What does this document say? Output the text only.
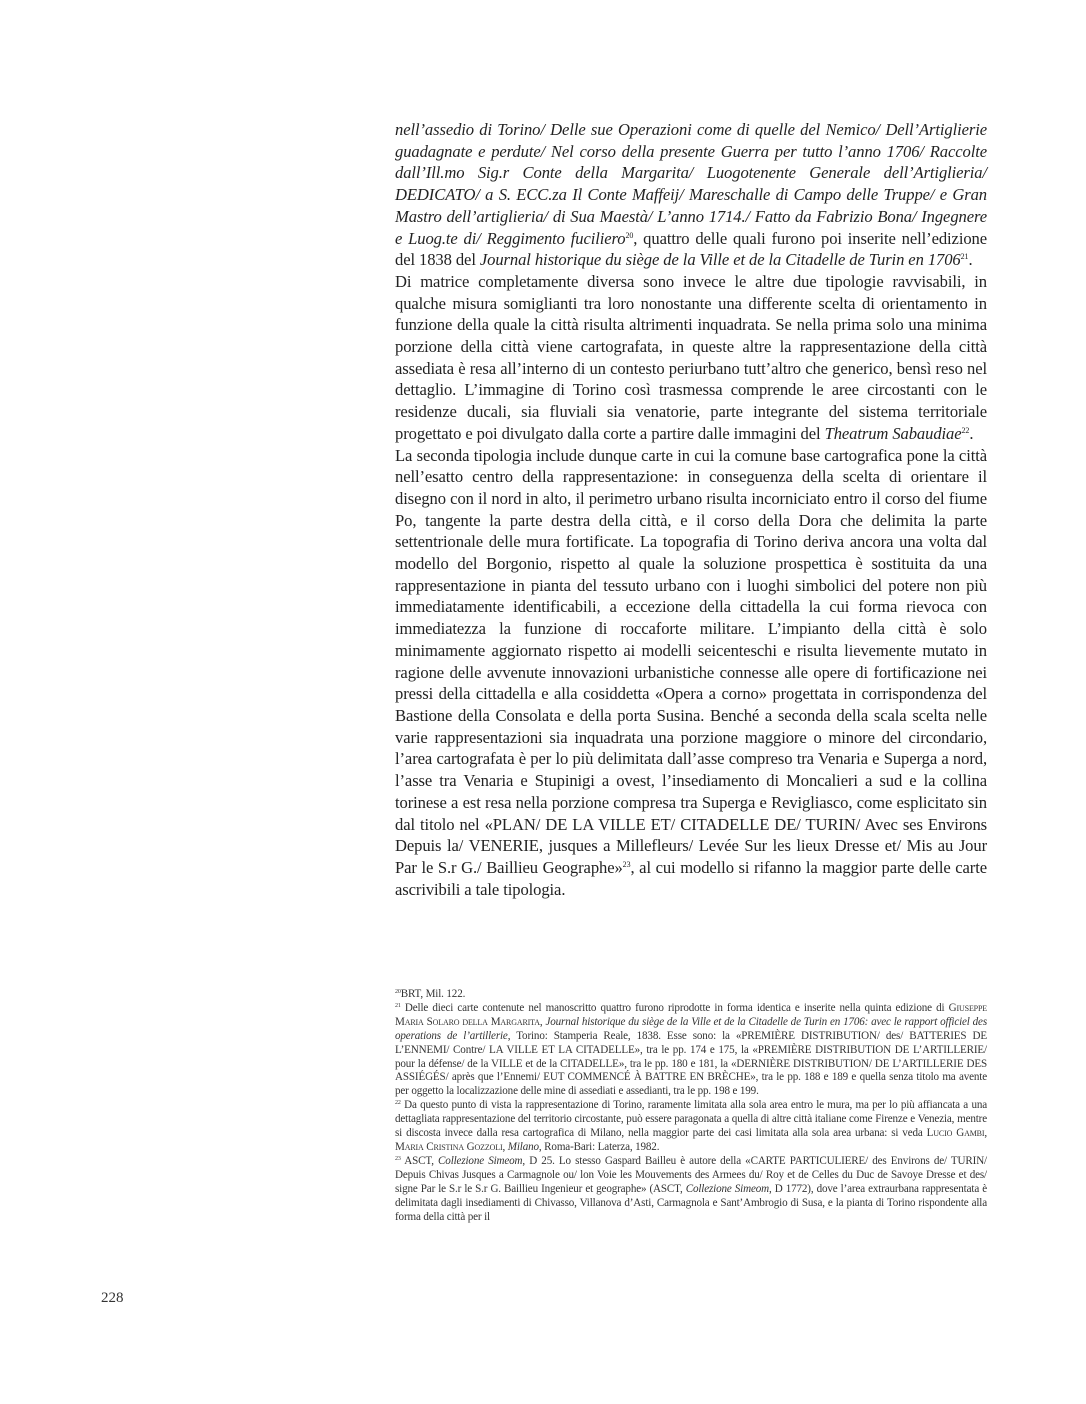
nell’assedio di Torino/ Delle sue Operazioni come di quelle del Nemico/ Dell’Artiglierie guadagnate e perdute/ Nel corso della presente Guerra per tutto l’anno 1706/ Raccolte dall’Ill.mo Sig.r Conte della Margarita/ Luogotenente Generale dell’Artiglieria/ DEDICATO/ a S. ECC.za Il Conte Maffeij/ Mareschalle di Campo delle Truppe/ e Gran Mastro dell’artiglieria/ di Sua Maestà/ L’anno 1714./ Fatto da Fabrizio Bona/ Ingegnere e Luog.te di/ Reggimento fuciliero$^{20}$, quattro delle quali furono poi inserite nell’edizione del 1838 del Journal historique du siège de la Ville et de la Citadelle de Turin en 1706$^{21}$.

Di matrice completamente diversa sono invece le altre due tipologie ravvisabili, in qualche misura somiglianti tra loro nonostante una differente scelta di orientamento in funzione della quale la città risulta altrimenti inquadrata. Se nella prima solo una minima porzione della città viene cartografata, in queste altre la rappresentazione della città assediata è resa all’interno di un contesto periurbano tutt’altro che generico, bensì reso nel dettaglio. L’immagine di Torino così trasmessa comprende le aree circostanti con le residenze ducali, sia fluviali sia venatorie, parte integrante del sistema territoriale progettato e poi divulgato dalla corte a partire dalle immagini del Theatrum Sabaudiae$^{22}$.

La seconda tipologia include dunque carte in cui la comune base cartografica pone la città nell’esatto centro della rappresentazione: in conseguenza della scelta di orientare il disegno con il nord in alto, il perimetro urbano risulta incorniciato entro il corso del fiume Po, tangente la parte destra della città, e il corso della Dora che delimita la parte settentrionale delle mura fortificate. La topografia di Torino deriva ancora una volta dal modello del Borgonio, rispetto al quale la soluzione prospettica è sostituita da una rappresentazione in pianta del tessuto urbano con i luoghi simbolici del potere non più immediatamente identificabili, a eccezione della cittadella la cui forma rievoca con immediatezza la funzione di roccaforte militare. L’impianto della città è solo minimamente aggiornato rispetto ai modelli seicenteschi e risulta lievemente mutato in ragione delle avvenute innovazioni urbanistiche connesse alle opere di fortificazione nei pressi della cittadella e alla cosiddetta «Opera a corno» progettata in corrispondenza del Bastione della Consolata e della porta Susina. Benché a seconda della scala scelta nelle varie rappresentazioni sia inquadrata una porzione maggiore o minore del circondario, l’area cartografata è per lo più delimitata dall’asse compreso tra Venaria e Superga a nord, l’asse tra Venaria e Stupinigi a ovest, l’insediamento di Moncalieri a sud e la collina torinese a est resa nella porzione compresa tra Superga e Revigliasco, come esplicitato sin dal titolo nel «PLAN/ DE LA VILLE ET/ CITADELLE DE/ TURIN/ Avec ses Environs Depuis la/ VENERIE, jusques a Millefleurs/ Levée Sur les lieux Dresse et/ Mis au Jour Par le S.r G./ Baillieu Geographe»$^{23}$, al cui modello si rifanno la maggior parte delle carte ascrivibili a tale tipologia.

$^{20}$BRT, Mil. 122.

$^{21}$ Delle dieci carte contenute nel manoscritto quattro furono riprodotte in forma identica e inserite nella quinta edizione di Giuseppe Maria Solaro della Margarita, Journal historique du siège de la Ville et de la Citadelle de Turin en 1706: avec le rapport officiel des operations de l’artillerie, Torino: Stamperia Reale, 1838. Esse sono: la «PREMIÈRE DISTRIBUTION/ des/ BATTERIES DE L’ENNEMI/ Contre/ LA VILLE ET LA CITADELLE», tra le pp. 174 e 175, la «PREMIÈRE DISTRIBUTION DE L’ARTILLERIE/ pour la défense/ de la VILLE et de la CITADELLE», tra le pp. 180 e 181, la «DERNIÈRE DISTRIBUTION/ DE L’ARTILLERIE DES ASSIÉGÉS/ après que l’Ennemi/ EUT COMMENCÉ À BATTRE EN BRÈCHE», tra le pp. 188 e 189 e quella senza titolo ma avente per oggetto la localizzazione delle mine di assediati e assedianti, tra le pp. 198 e 199.

$^{22}$ Da questo punto di vista la rappresentazione di Torino, raramente limitata alla sola area entro le mura, ma per lo più affiancata a una dettagliata rappresentazione del territorio circostante, può essere paragonata a quella di altre città italiane come Firenze e Venezia, mentre si discosta invece dalla resa cartografica di Milano, nella maggior parte dei casi limitata alla sola area urbana: si veda Lucio Gambi, Maria Cristina Gozzoli, Milano, Roma-Bari: Laterza, 1982.

$^{23}$ ASCT, Collezione Simeom, D 25. Lo stesso Gaspard Bailleu è autore della «CARTE PARTICULIERE/ des Environs de/ TURIN/ Depuis Chivas Jusques a Carmagnole ou/ lon Voie les Mouvements des Armees du/ Roy et de Celles du Duc de Savoye Dresse et des/ signe Par le S.r le S.r G. Baillieu Ingenieur et geographe» (ASCT, Collezione Simeom, D 1772), dove l’area extraurbana rappresentata è delimitata dagli insediamenti di Chivasso, Villanova d’Asti, Carmagnola e Sant’Ambrogio di Susa, e la pianta di Torino rispondente alla forma della città per il

228
